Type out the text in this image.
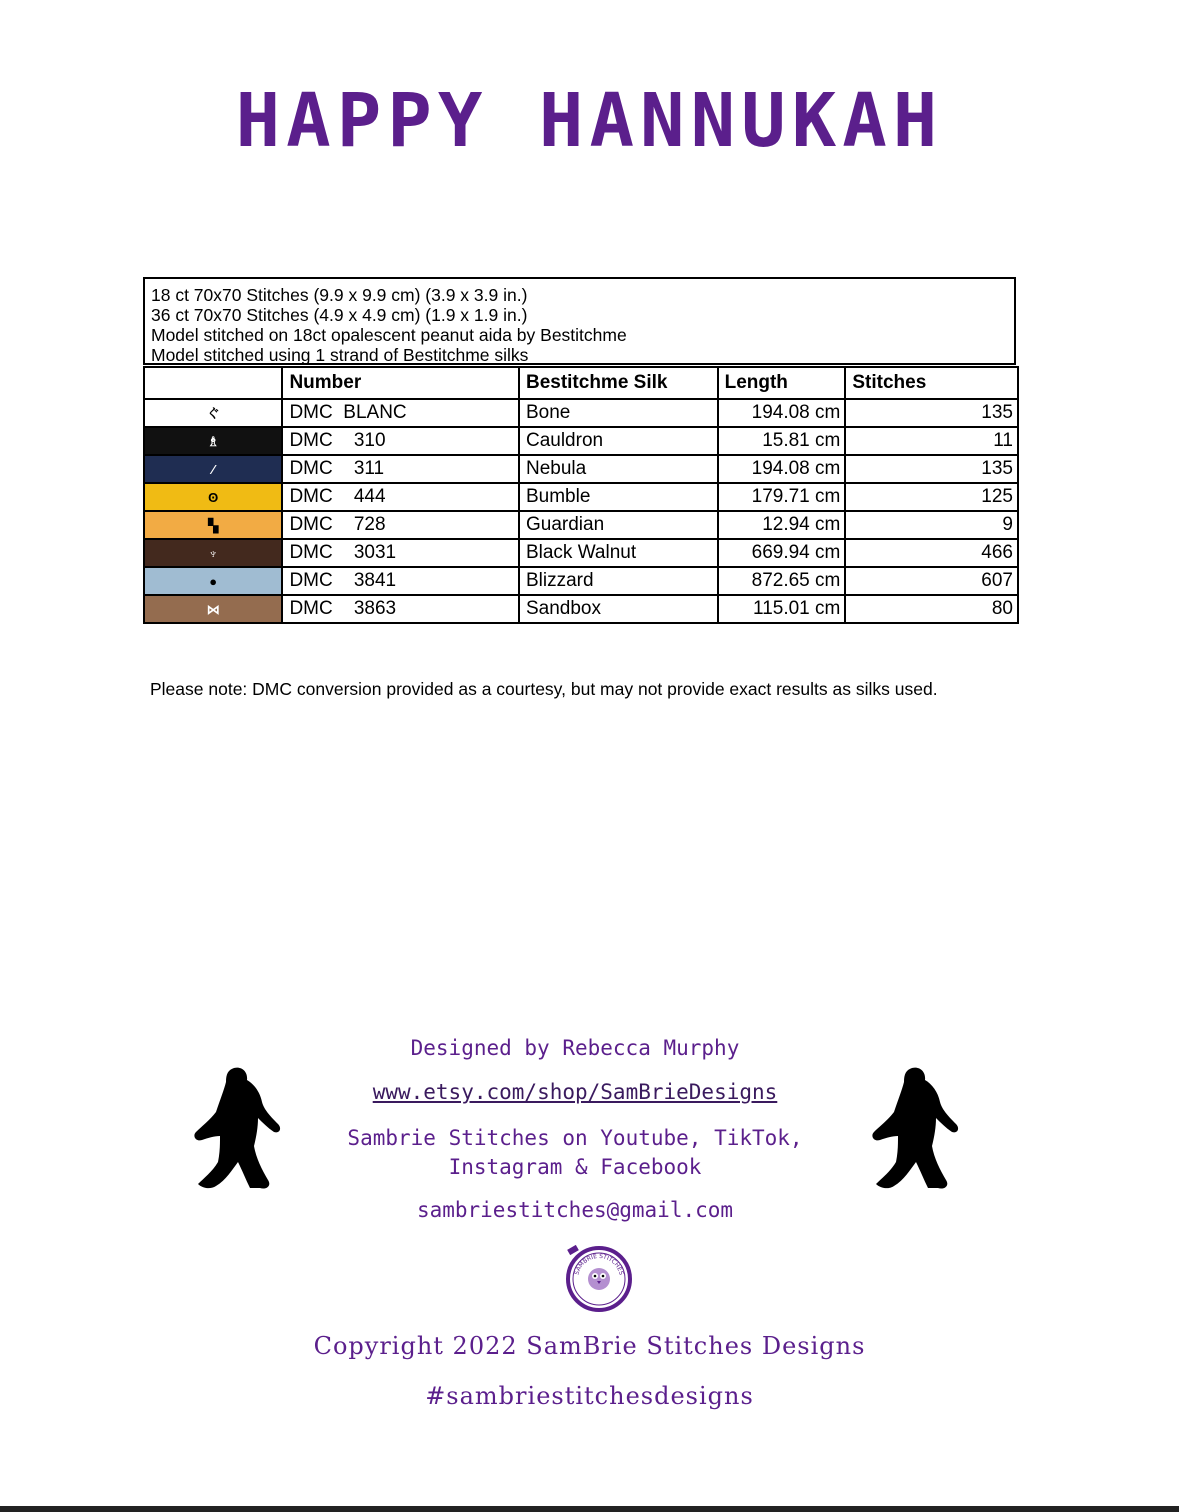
HAPPY HANNUKAH
18 ct 70x70 Stitches (9.9 x 9.9 cm) (3.9 x 3.9 in.)
36 ct 70x70 Stitches (4.9 x 4.9 cm) (1.9 x 1.9 in.)
Model stitched on 18ct opalescent peanut aida by Bestitchme
Model stitched using 1 strand of Bestitchme silks
	Number	Bestitchme Silk	Length	Stitches
ぐ	DMC  BLANC	Bone	194.08 cm	135
♗	DMC    310	Cauldron	15.81 cm	11
⁄	DMC    311	Nebula	194.08 cm	135
ʘ	DMC    444	Bumble	179.71 cm	125
▚	DMC    728	Guardian	12.94 cm	9
♆	DMC    3031	Black Walnut	669.94 cm	466
●	DMC    3841	Blizzard	872.65 cm	607
⋈	DMC    3863	Sandbox	115.01 cm	80
Please note: DMC conversion provided as a courtesy, but may not provide exact results as silks used.
Designed by Rebecca Murphy
www.etsy.com/shop/SamBrieDesigns
Sambrie Stitches on Youtube, TikTok, Instagram & Facebook
sambriestitches@gmail.com
SAMBRIE STITCHES
Copyright 2022 SamBrie Stitches Designs
#sambriestitchesdesigns
